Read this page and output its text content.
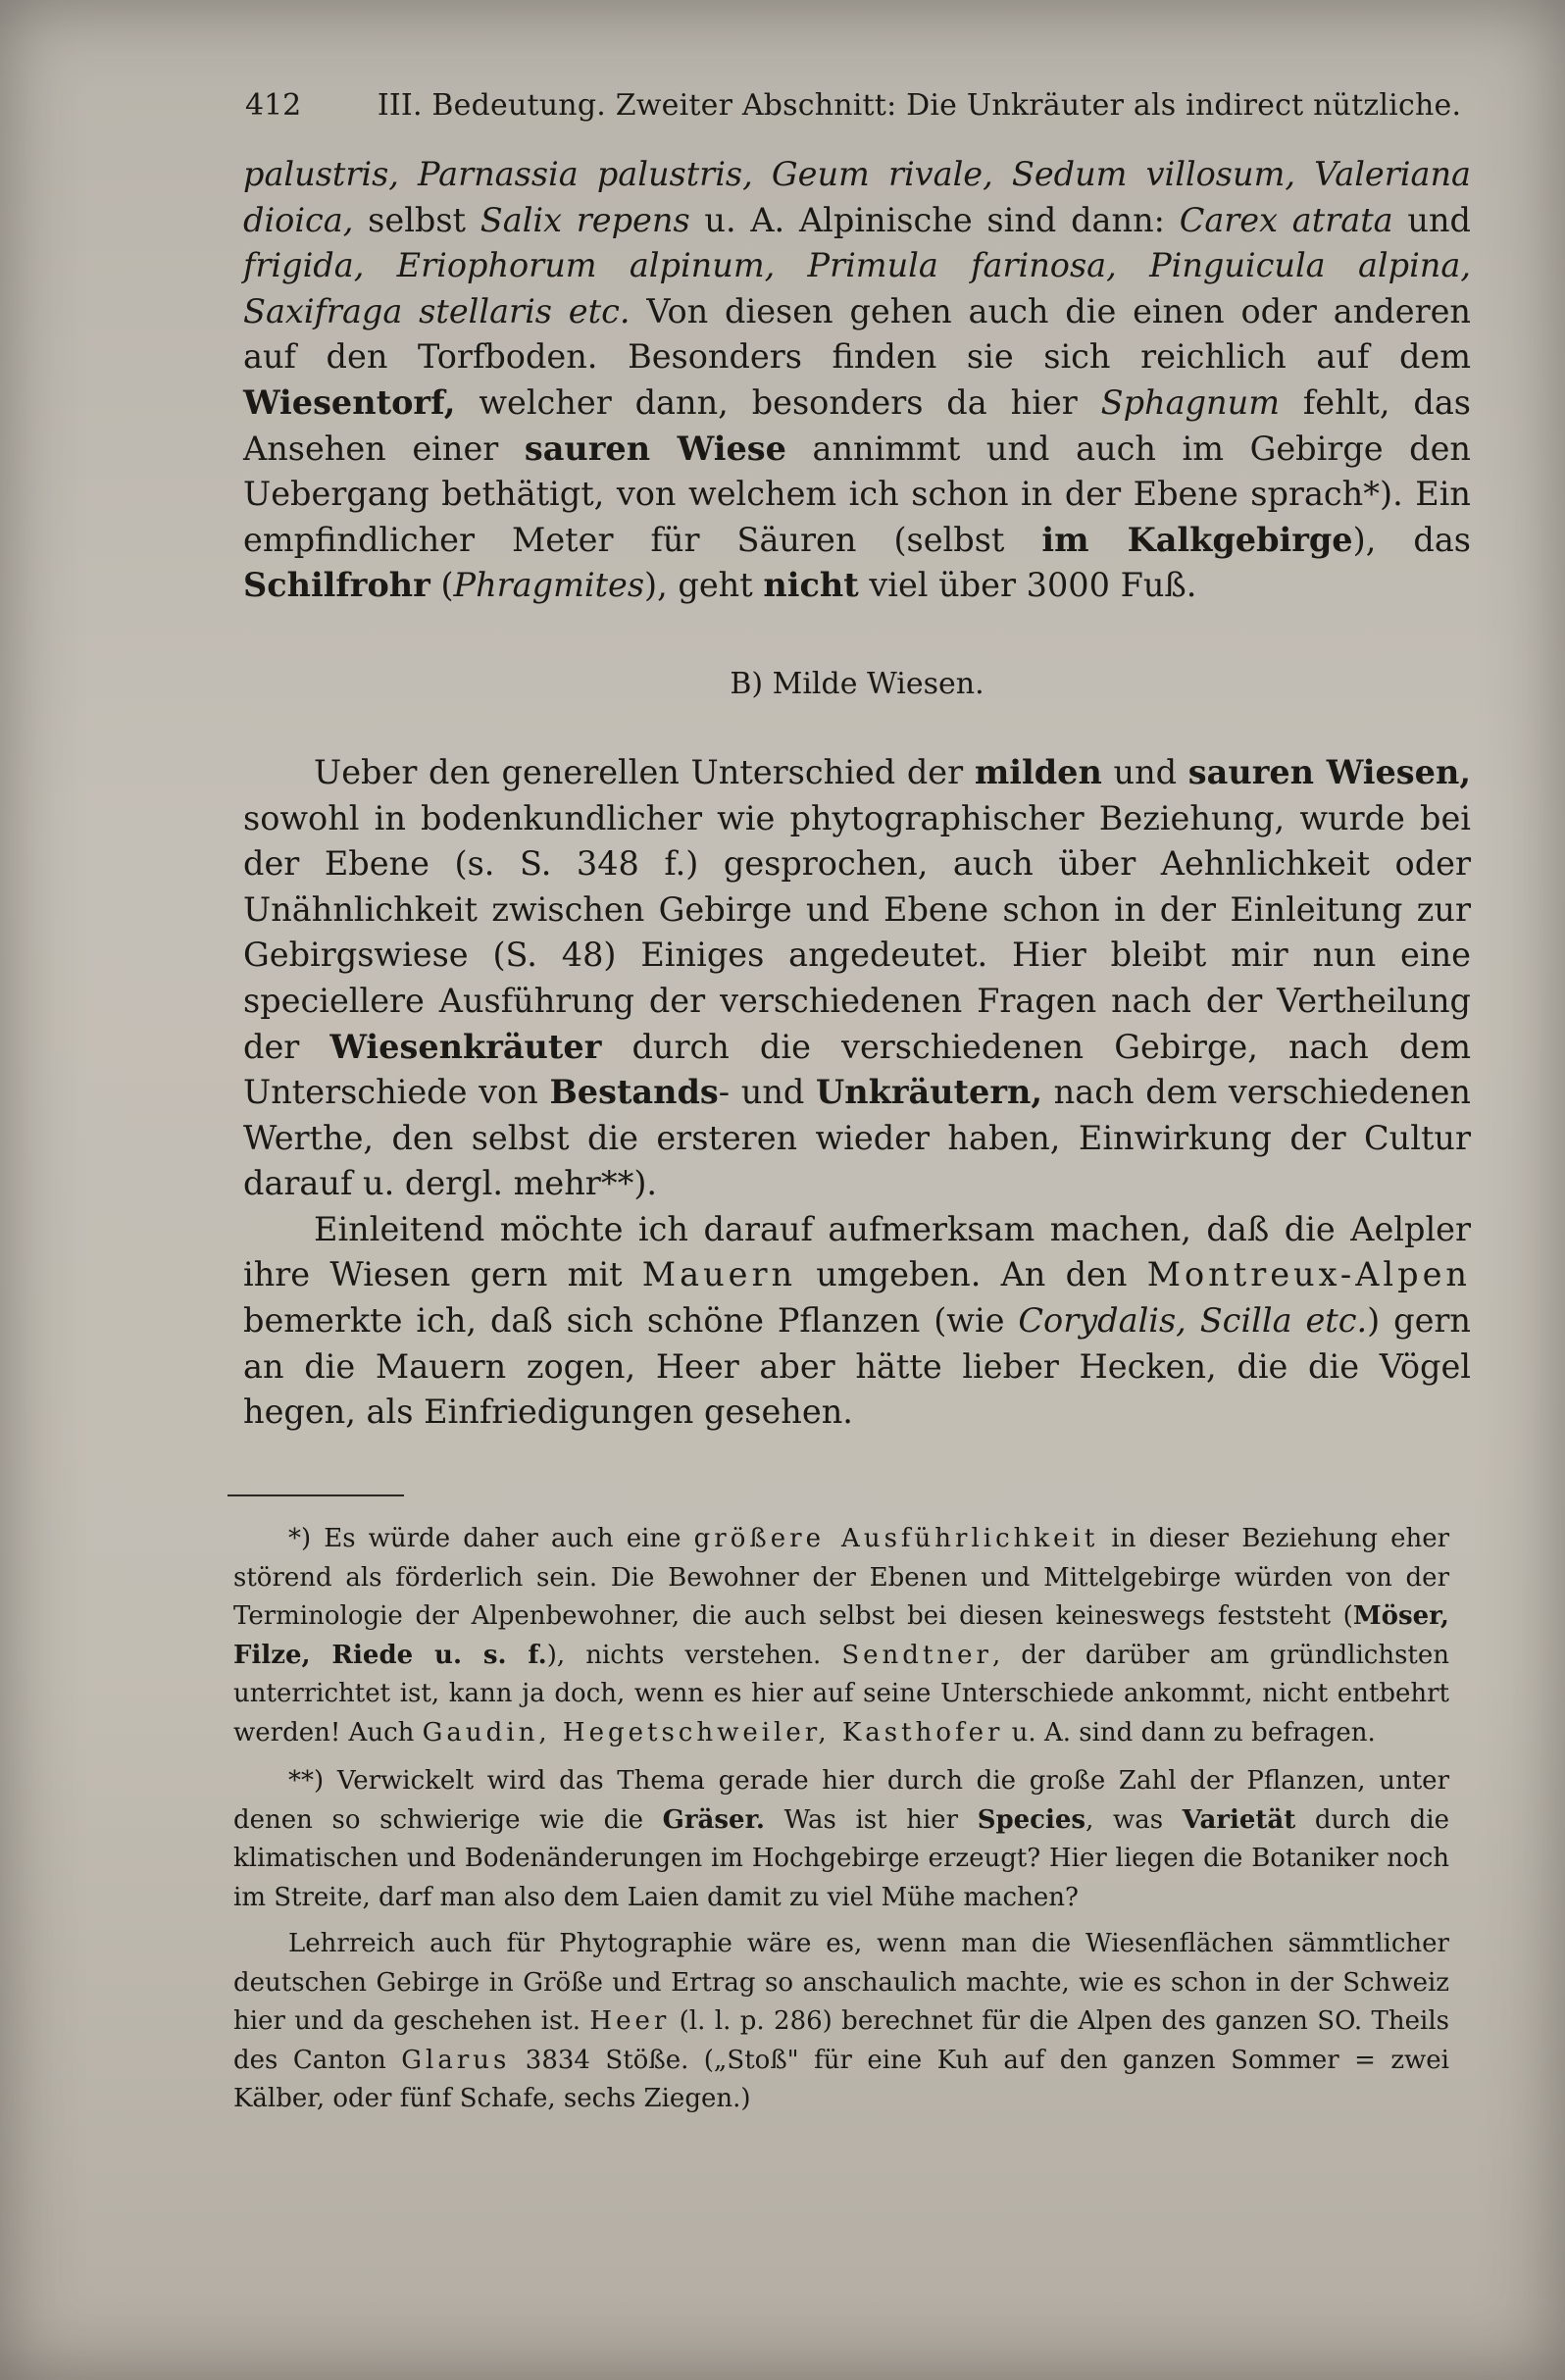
412	III. Bedeutung. Zweiter Abschnitt: Die Unkräuter als indirect nützliche.

palustris, Parnassia palustris, Geum rivale, Sedum villosum, Valeriana dioica, selbst Salix repens u. A. Alpinische sind dann: Carex atrata und frigida, Eriophorum alpinum, Primula farinosa, Pinguicula alpina, Saxifraga stellaris etc. Von diesen gehen auch die einen oder anderen auf den Torfboden. Besonders finden sie sich reichlich auf dem Wiesentorf, welcher dann, besonders da hier Sphagnum fehlt, das Ansehen einer sauren Wiese annimmt und auch im Gebirge den Uebergang bethätigt, von welchem ich schon in der Ebene sprach*). Ein empfindlicher Meter für Säuren (selbst im Kalkgebirge), das Schilfrohr (Phragmites), geht nicht viel über 3000 Fuß.

B) Milde Wiesen.

Ueber den generellen Unterschied der milden und sauren Wiesen, sowohl in bodenkundlicher wie phytographischer Beziehung, wurde bei der Ebene (s. S. 348 f.) gesprochen, auch über Aehnlichkeit oder Unähnlichkeit zwischen Gebirge und Ebene schon in der Einleitung zur Gebirgswiese (S. 48) Einiges angedeutet. Hier bleibt mir nun eine speciellere Ausführung der verschiedenen Fragen nach der Vertheilung der Wiesenkräuter durch die verschiedenen Gebirge, nach dem Unterschiede von Bestands- und Unkräutern, nach dem verschiedenen Werthe, den selbst die ersteren wieder haben, Einwirkung der Cultur darauf u. dergl. mehr**).

Einleitend möchte ich darauf aufmerksam machen, daß die Aelpler ihre Wiesen gern mit Mauern umgeben. An den Montreux-Alpen bemerkte ich, daß sich schöne Pflanzen (wie Corydalis, Scilla etc.) gern an die Mauern zogen, Heer aber hätte lieber Hecken, die die Vögel hegen, als Einfriedigungen gesehen.

*) Es würde daher auch eine größere Ausführlichkeit in dieser Beziehung eher störend als förderlich sein. Die Bewohner der Ebenen und Mittelgebirge würden von der Terminologie der Alpenbewohner, die auch selbst bei diesen keineswegs feststeht (Möser, Filze, Riede u. s. f.), nichts verstehen. Sendtner, der darüber am gründlichsten unterrichtet ist, kann ja doch, wenn es hier auf seine Unterschiede ankommt, nicht entbehrt werden! Auch Gaudin, Hegetschweiler, Kasthofer u. A. sind dann zu befragen.

**) Verwickelt wird das Thema gerade hier durch die große Zahl der Pflanzen, unter denen so schwierige wie die Gräser. Was ist hier Species, was Varietät durch die klimatischen und Bodenänderungen im Hochgebirge erzeugt? Hier liegen die Botaniker noch im Streite, darf man also dem Laien damit zu viel Mühe machen?

Lehrreich auch für Phytographie wäre es, wenn man die Wiesenflächen sämmtlicher deutschen Gebirge in Größe und Ertrag so anschaulich machte, wie es schon in der Schweiz hier und da geschehen ist. Heer (l. l. p. 286) berechnet für die Alpen des ganzen SO. Theils des Canton Glarus 3834 Stöße. („Stoß" für eine Kuh auf den ganzen Sommer = zwei Kälber, oder fünf Schafe, sechs Ziegen.)
